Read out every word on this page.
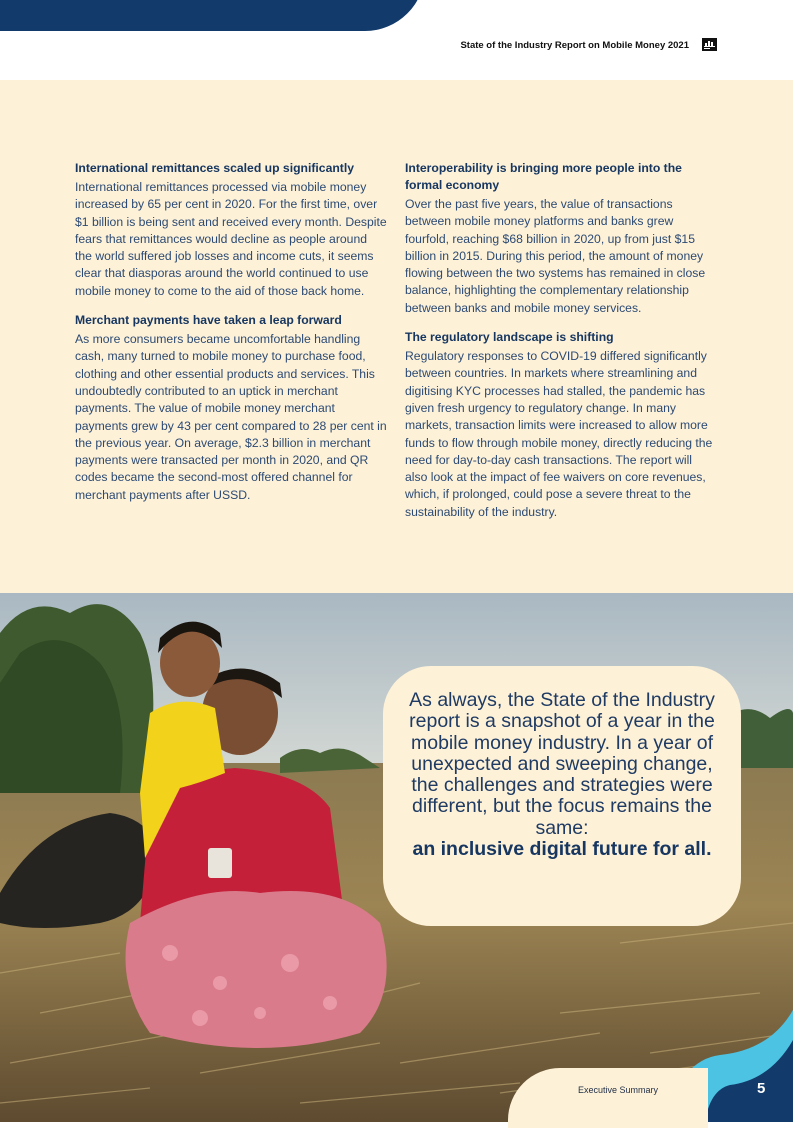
State of the Industry Report on Mobile Money 2021
International remittances scaled up significantly

International remittances processed via mobile money increased by 65 per cent in 2020. For the first time, over $1 billion is being sent and received every month. Despite fears that remittances would decline as people around the world suffered job losses and income cuts, it seems clear that diasporas around the world continued to use mobile money to come to the aid of those back home.

Merchant payments have taken a leap forward

As more consumers became uncomfortable handling cash, many turned to mobile money to purchase food, clothing and other essential products and services. This undoubtedly contributed to an uptick in merchant payments. The value of mobile money merchant payments grew by 43 per cent compared to 28 per cent in the previous year. On average, $2.3 billion in merchant payments were transacted per month in 2020, and QR codes became the second-most offered channel for merchant payments after USSD.

Interoperability is bringing more people into the formal economy

Over the past five years, the value of transactions between mobile money platforms and banks grew fourfold, reaching $68 billion in 2020, up from just $15 billion in 2015. During this period, the amount of money flowing between the two systems has remained in close balance, highlighting the complementary relationship between banks and mobile money services.

The regulatory landscape is shifting

Regulatory responses to COVID-19 differed significantly between countries. In markets where streamlining and digitising KYC processes had stalled, the pandemic has given fresh urgency to regulatory change. In many markets, transaction limits were increased to allow more funds to flow through mobile money, directly reducing the need for day-to-day cash transactions. The report will also look at the impact of fee waivers on core revenues, which, if prolonged, could pose a severe threat to the sustainability of the industry.

As always, the State of the Industry report is a snapshot of a year in the mobile money industry. In a year of unexpected and sweeping change, the challenges and strategies were different, but the focus remains the same:
an inclusive digital future for all.
Executive Summary	5
